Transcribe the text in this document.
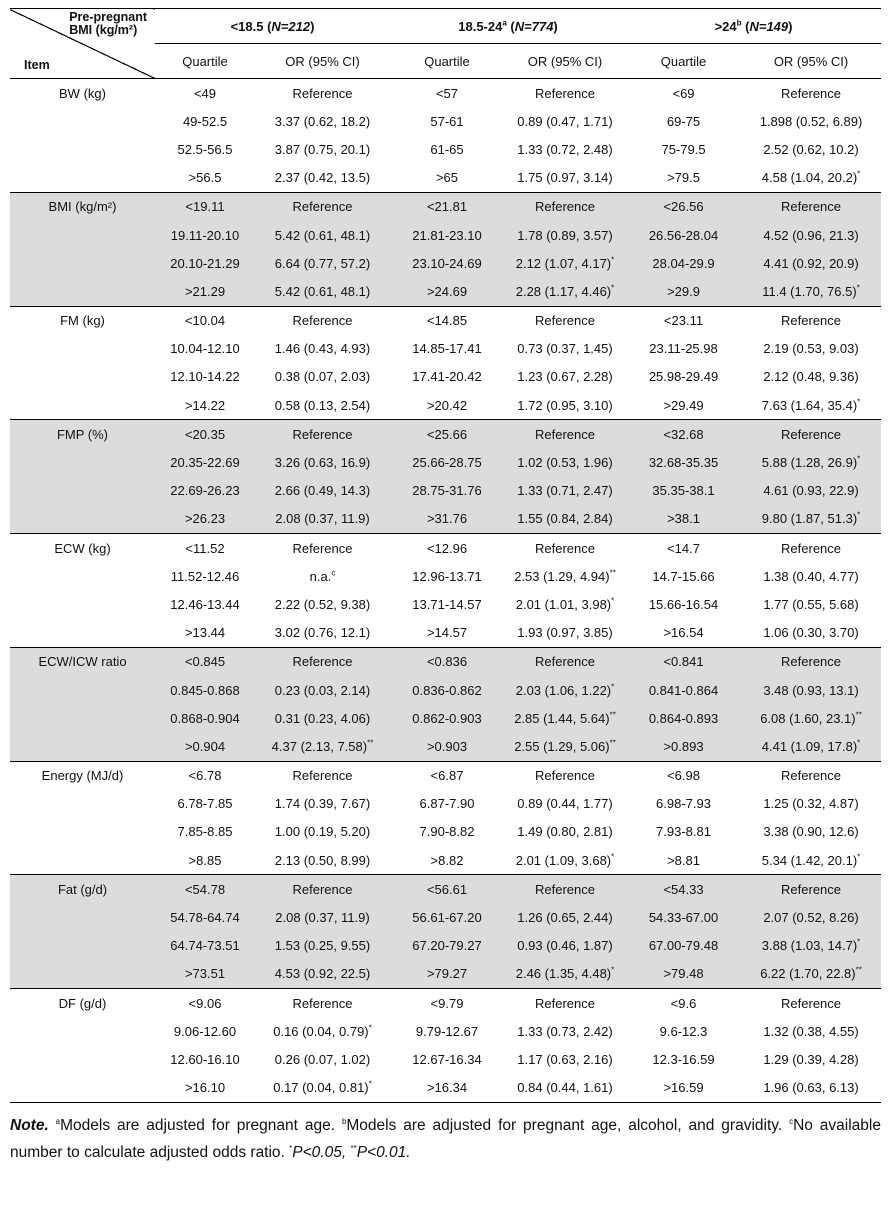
Pre-pregnant
BMI (kg/m²)
Item	<18.5 (N=212)		18.5-24$^a$ (N=774)		$>24^b$ (N=149)	
	Quartile	OR (95% CI)	Quartile	OR (95% CI)	Quartile	OR (95% CI)
BW (kg)	<49	Reference	<57	Reference	<69	Reference
	49-52.5	3.37 (0.62, 18.2)	57-61	0.89 (0.47, 1.71)	69-75	1.898 (0.52, 6.89)
	52.5-56.5	3.87 (0.75, 20.1)	61-65	1.33 (0.72, 2.48)	75-79.5	2.52 (0.62, 10.2)
	>56.5	2.37 (0.42, 13.5)	>65	1.75 (0.97, 3.14)	>79.5	4.58 (1.04, 20.2)*
BMI (kg/m²)	<19.11	Reference	<21.81	Reference	<26.56	Reference
	19.11-20.10	5.42 (0.61, 48.1)	21.81-23.10	1.78 (0.89, 3.57)	26.56-28.04	4.52 (0.96, 21.3)
	20.10-21.29	6.64 (0.77, 57.2)	23.10-24.69	2.12 (1.07, 4.17)*	28.04-29.9	4.41 (0.92, 20.9)
	>21.29	5.42 (0.61, 48.1)	>24.69	2.28 (1.17, 4.46)*	>29.9	11.4 (1.70, 76.5)*
FM (kg)	<10.04	Reference	<14.85	Reference	<23.11	Reference
	10.04-12.10	1.46 (0.43, 4.93)	14.85-17.41	0.73 (0.37, 1.45)	23.11-25.98	2.19 (0.53, 9.03)
	12.10-14.22	0.38 (0.07, 2.03)	17.41-20.42	1.23 (0.67, 2.28)	25.98-29.49	2.12 (0.48, 9.36)
	>14.22	0.58 (0.13, 2.54)	>20.42	1.72 (0.95, 3.10)	>29.49	7.63 (1.64, 35.4)*
FMP (%)	<20.35	Reference	<25.66	Reference	<32.68	Reference
	20.35-22.69	3.26 (0.63, 16.9)	25.66-28.75	1.02 (0.53, 1.96)	32.68-35.35	5.88 (1.28, 26.9)*
	22.69-26.23	2.66 (0.49, 14.3)	28.75-31.76	1.33 (0.71, 2.47)	35.35-38.1	4.61 (0.93, 22.9)
	>26.23	2.08 (0.37, 11.9)	>31.76	1.55 (0.84, 2.84)	>38.1	9.80 (1.87, 51.3)*
ECW (kg)	<11.52	Reference	<12.96	Reference	<14.7	Reference
	11.52-12.46	n.a.$^c$	12.96-13.71	2.53 (1.29, 4.94)**	14.7-15.66	1.38 (0.40, 4.77)
	12.46-13.44	2.22 (0.52, 9.38)	13.71-14.57	2.01 (1.01, 3.98)*	15.66-16.54	1.77 (0.55, 5.68)
	>13.44	3.02 (0.76, 12.1)	>14.57	1.93 (0.97, 3.85)	>16.54	1.06 (0.30, 3.70)
ECW/ICW ratio	<0.845	Reference	<0.836	Reference	<0.841	Reference
	0.845-0.868	0.23 (0.03, 2.14)	0.836-0.862	2.03 (1.06, 1.22)*	0.841-0.864	3.48 (0.93, 13.1)
	0.868-0.904	0.31 (0.23, 4.06)	0.862-0.903	2.85 (1.44, 5.64)**	0.864-0.893	6.08 (1.60, 23.1)**
	>0.904	4.37 (2.13, 7.58)**	>0.903	2.55 (1.29, 5.06)**	>0.893	4.41 (1.09, 17.8)*
Energy (MJ/d)	<6.78	Reference	<6.87	Reference	<6.98	Reference
	6.78-7.85	1.74 (0.39, 7.67)	6.87-7.90	0.89 (0.44, 1.77)	6.98-7.93	1.25 (0.32, 4.87)
	7.85-8.85	1.00 (0.19, 5.20)	7.90-8.82	1.49 (0.80, 2.81)	7.93-8.81	3.38 (0.90, 12.6)
	>8.85	2.13 (0.50, 8.99)	>8.82	2.01 (1.09, 3.68)*	>8.81	5.34 (1.42, 20.1)*
Fat (g/d)	<54.78	Reference	<56.61	Reference	<54.33	Reference
	54.78-64.74	2.08 (0.37, 11.9)	56.61-67.20	1.26 (0.65, 2.44)	54.33-67.00	2.07 (0.52, 8.26)
	64.74-73.51	1.53 (0.25, 9.55)	67.20-79.27	0.93 (0.46, 1.87)	67.00-79.48	3.88 (1.03, 14.7)*
	>73.51	4.53 (0.92, 22.5)	>79.27	2.46 (1.35, 4.48)*	>79.48	6.22 (1.70, 22.8)**
DF (g/d)	<9.06	Reference	<9.79	Reference	<9.6	Reference
	9.06-12.60	0.16 (0.04, 0.79)*	9.79-12.67	1.33 (0.73, 2.42)	9.6-12.3	1.32 (0.38, 4.55)
	12.60-16.10	0.26 (0.07, 1.02)	12.67-16.34	1.17 (0.63, 2.16)	12.3-16.59	1.29 (0.39, 4.28)
	>16.10	0.17 (0.04, 0.81)*	>16.34	0.84 (0.44, 1.61)	>16.59	1.96 (0.63, 6.13)
Note. $^a$Models are adjusted for pregnant age. $^b$Models are adjusted for pregnant age, alcohol, and gravidity. $^c$No available number to calculate adjusted odds ratio. *P<0.05, **P<0.01.
